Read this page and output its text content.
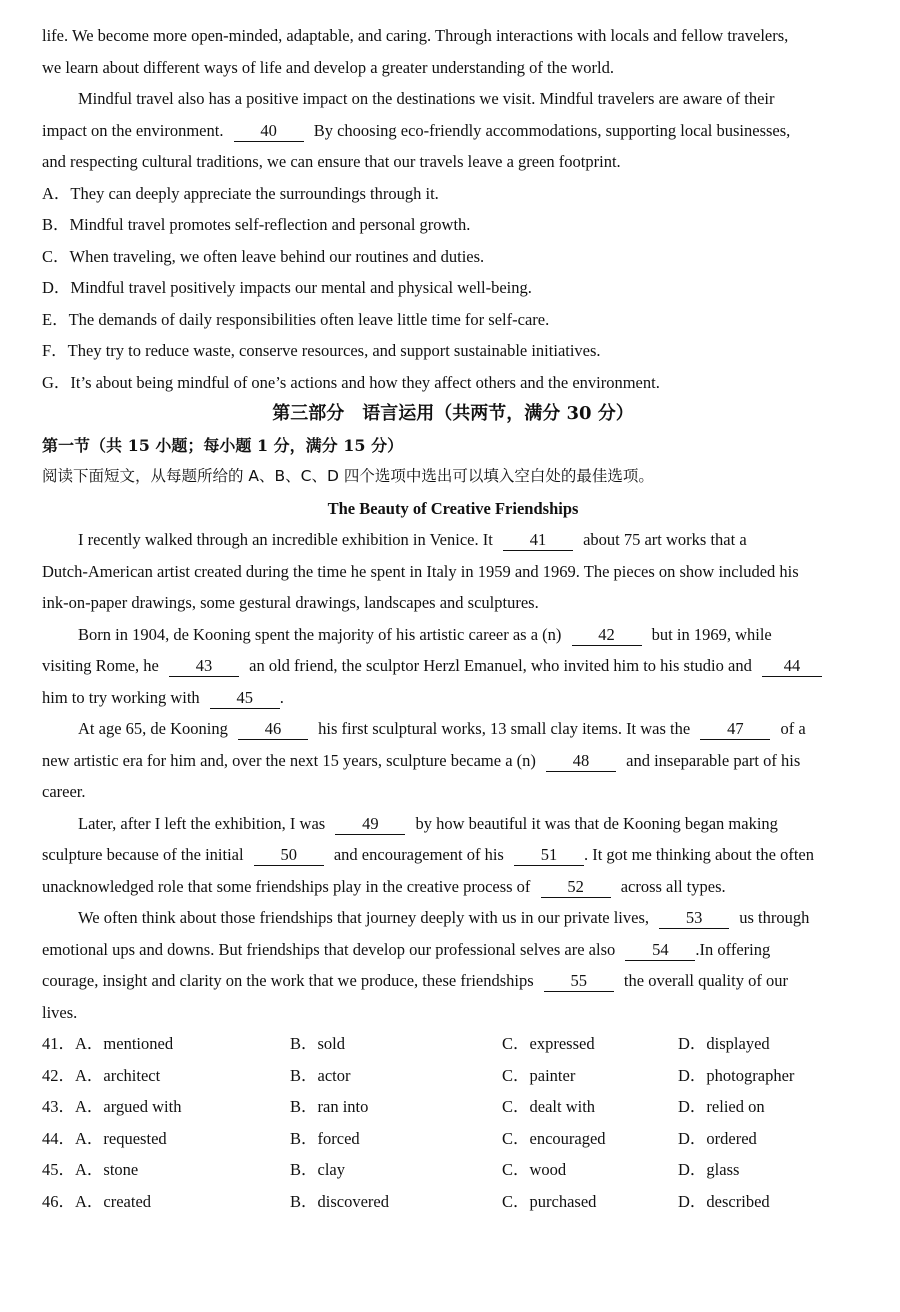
life. We become more open-minded, adaptable, and caring. Through interactions with locals and fellow travelers,
we learn about different ways of life and develop a greater understanding of the world.
Mindful travel also has a positive impact on the destinations we visit. Mindful travelers are aware of their
impact on the environment. 40 By choosing eco-friendly accommodations, supporting local businesses,
and respecting cultural traditions, we can ensure that our travels leave a green footprint.
A．They can deeply appreciate the surroundings through it.
B．Mindful travel promotes self-reflection and personal growth.
C．When traveling, we often leave behind our routines and duties.
D．Mindful travel positively impacts our mental and physical well-being.
E．The demands of daily responsibilities often leave little time for self-care.
F．They try to reduce waste, conserve resources, and support sustainable initiatives.
G．It’s about being mindful of one’s actions and how they affect others and the environment.
第三部分　语言运用（共两节，满分 30 分）
第一节（共 15 小题；每小题 1 分，满分 15 分）
阅读下面短文，从每题所给的 A、B、C、D 四个选项中选出可以填入空白处的最佳选项。
The Beauty of Creative Friendships
I recently walked through an incredible exhibition in Venice. It 41 about 75 art works that a
Dutch-American artist created during the time he spent in Italy in 1959 and 1969. The pieces on show included his
ink-on-paper drawings, some gestural drawings, landscapes and sculptures.
Born in 1904, de Kooning spent the majority of his artistic career as a (n) 42 but in 1969, while
visiting Rome, he 43 an old friend, the sculptor Herzl Emanuel, who invited him to his studio and 44
him to try working with 45 .
At age 65, de Kooning 46 his first sculptural works, 13 small clay items. It was the 47 of a
new artistic era for him and, over the next 15 years, sculpture became a (n) 48 and inseparable part of his
career.
Later, after I left the exhibition, I was 49 by how beautiful it was that de Kooning began making
sculpture because of the initial 50 and encouragement of his 51 . It got me thinking about the often
unacknowledged role that some friendships play in the creative process of 52 across all types.
We often think about those friendships that journey deeply with us in our private lives, 53 us through
emotional ups and downs. But friendships that develop our professional selves are also 54 .In offering
courage, insight and clarity on the work that we produce, these friendships 55 the overall quality of our
lives.
41．A．mentioned	B．sold	C．expressed	D．displayed
42．A．architect	B．actor	C．painter	D．photographer
43．A．argued with	B．ran into	C．dealt with	D．relied on
44．A．requested	B．forced	C．encouraged	D．ordered
45．A．stone	B．clay	C．wood	D．glass
46．A．created	B．discovered	C．purchased	D．described
